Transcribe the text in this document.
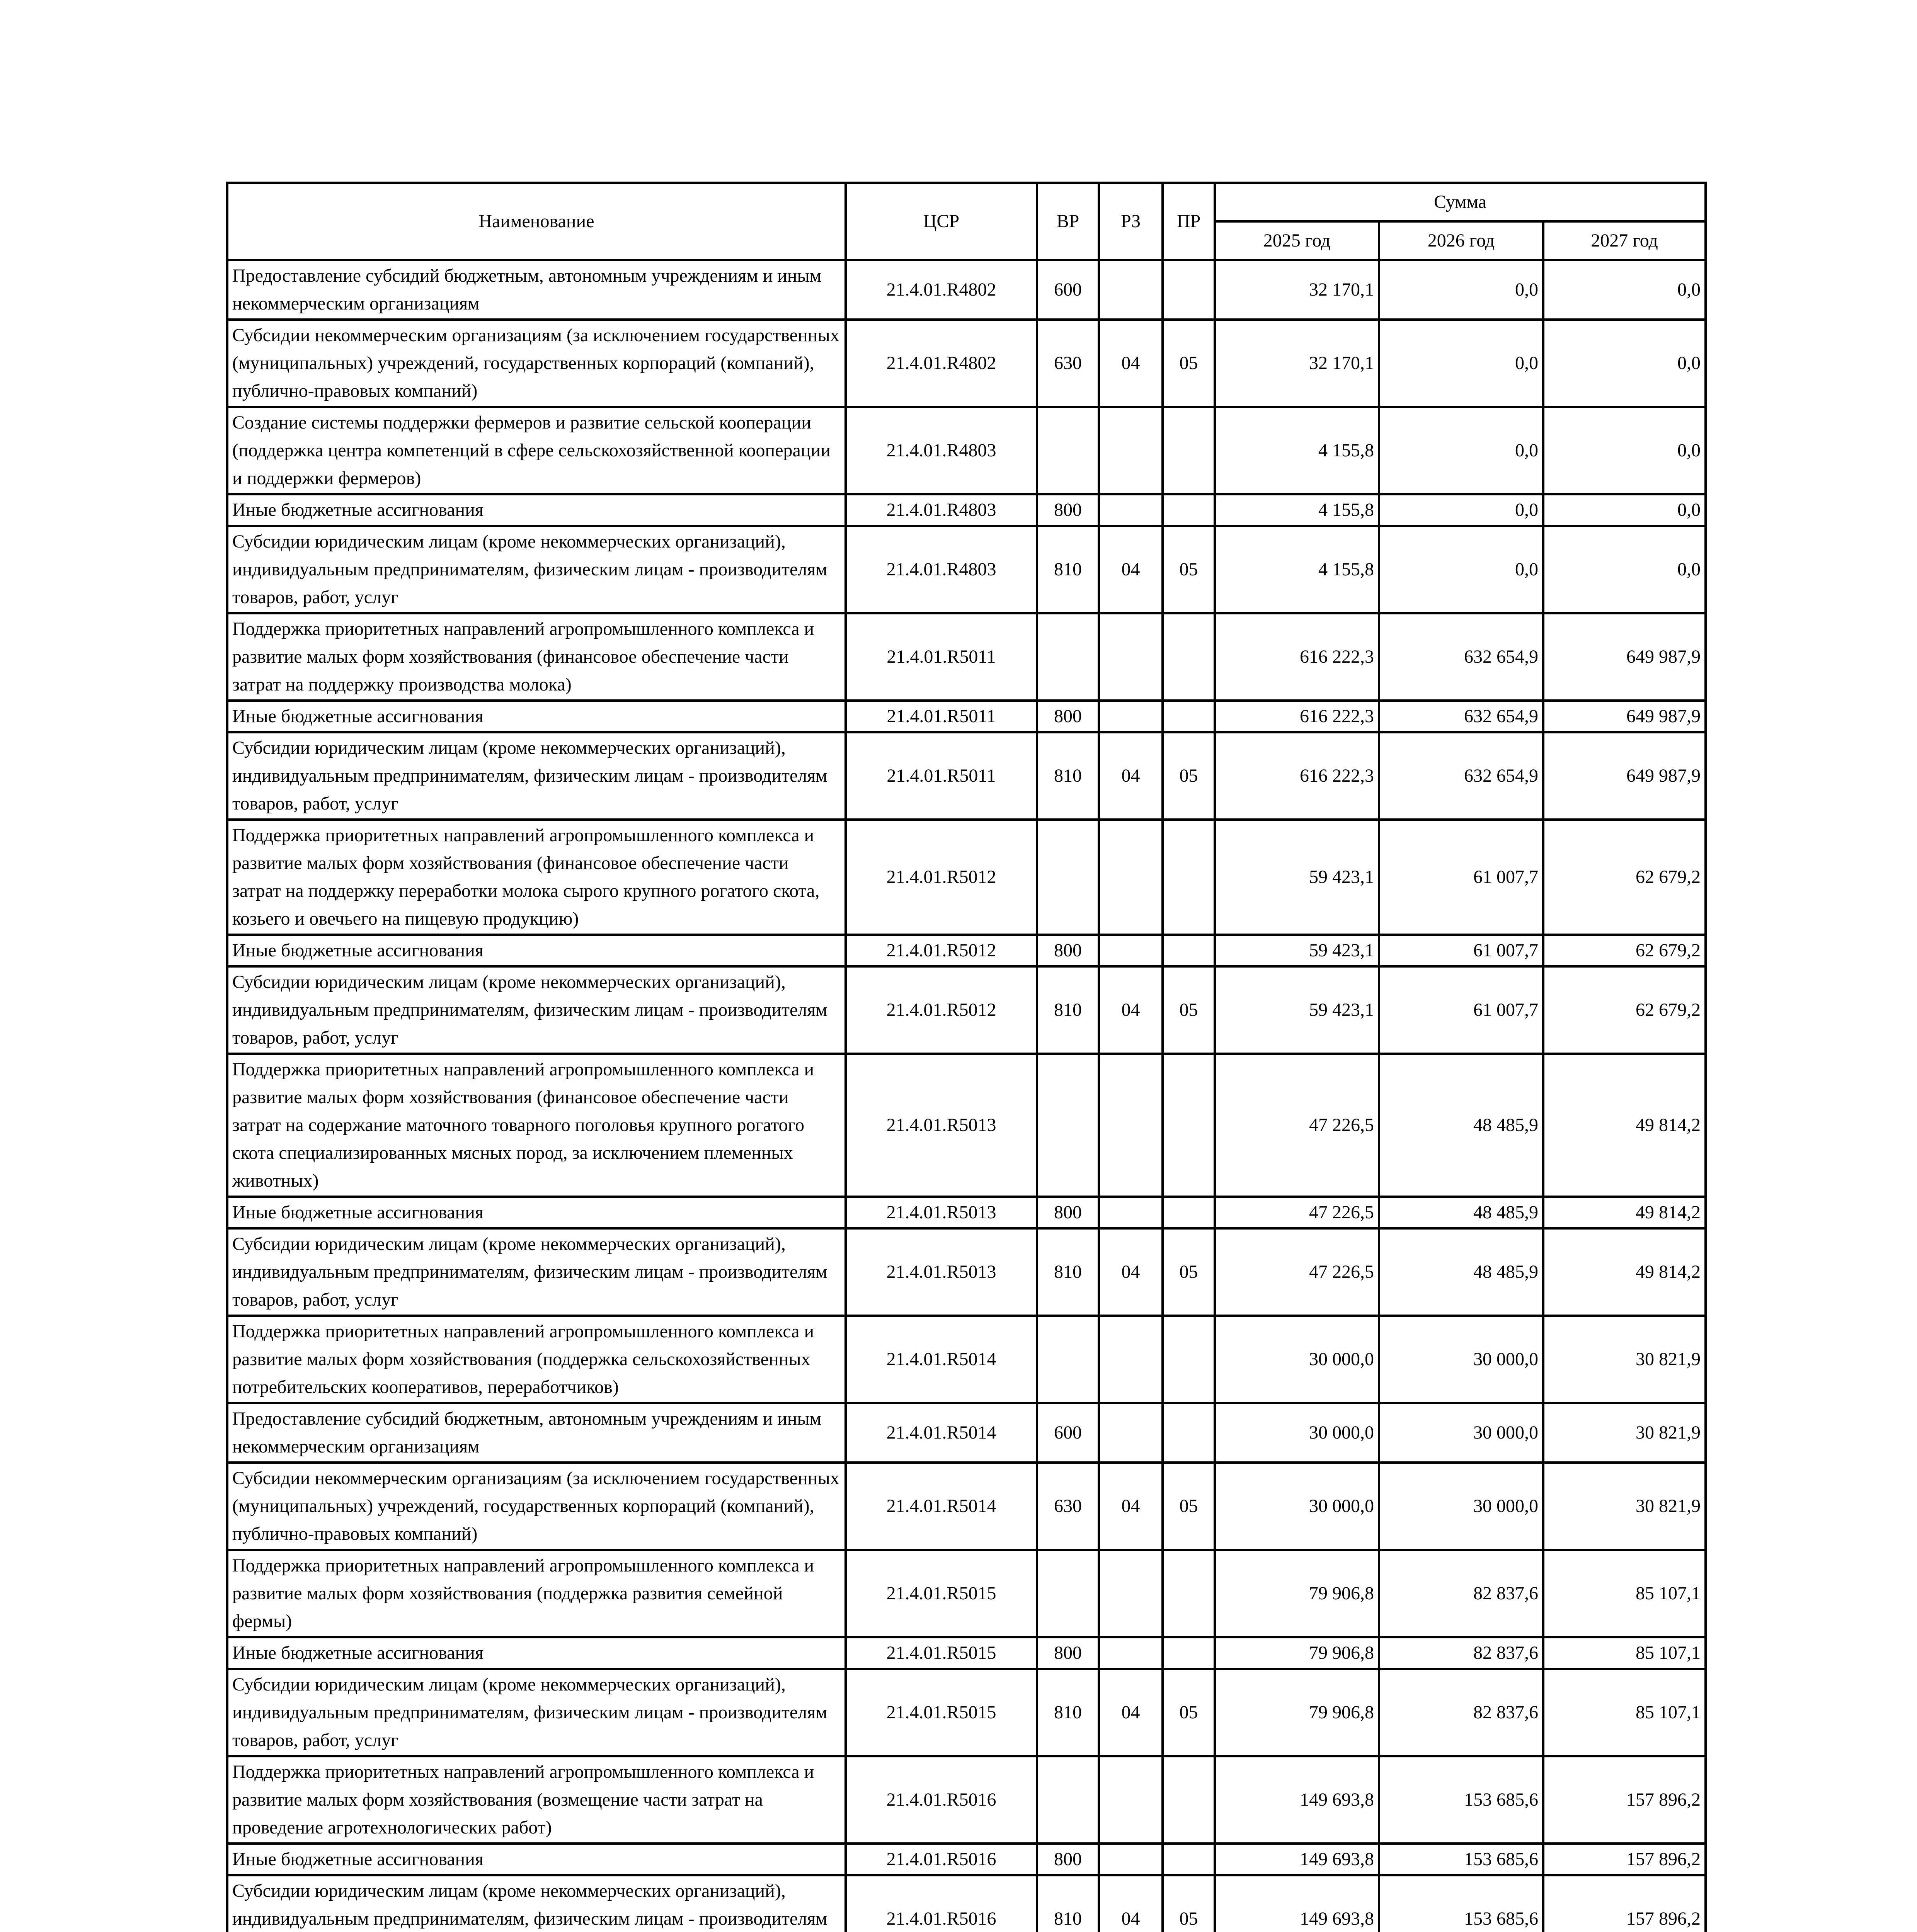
Наименование	ЦСР	ВР	РЗ	ПР	Сумма		
					2025 год	2026 год	2027 год
Предоставление субсидий бюджетным, автономным учреждениям и иным некоммерческим организациям	21.4.01.R4802	600			32 170,1	0,0	0,0
Субсидии некоммерческим организациям (за исключением государственных (муниципальных) учреждений, государственных корпораций (компаний), публично-правовых компаний)	21.4.01.R4802	630	04	05	32 170,1	0,0	0,0
Создание системы поддержки фермеров и развитие сельской кооперации (поддержка центра компетенций в сфере сельскохозяйственной кооперации и поддержки фермеров)	21.4.01.R4803				4 155,8	0,0	0,0
Иные бюджетные ассигнования	21.4.01.R4803	800			4 155,8	0,0	0,0
Субсидии юридическим лицам (кроме некоммерческих организаций), индивидуальным предпринимателям, физическим лицам - производителям товаров, работ, услуг	21.4.01.R4803	810	04	05	4 155,8	0,0	0,0
Поддержка приоритетных направлений агропромышленного комплекса и развитие малых форм хозяйствования (финансовое обеспечение части затрат на поддержку производства молока)	21.4.01.R5011				616 222,3	632 654,9	649 987,9
Иные бюджетные ассигнования	21.4.01.R5011	800			616 222,3	632 654,9	649 987,9
Субсидии юридическим лицам (кроме некоммерческих организаций), индивидуальным предпринимателям, физическим лицам - производителям товаров, работ, услуг	21.4.01.R5011	810	04	05	616 222,3	632 654,9	649 987,9
Поддержка приоритетных направлений агропромышленного комплекса и развитие малых форм хозяйствования (финансовое обеспечение части затрат на поддержку переработки молока сырого крупного рогатого скота, козьего и овечьего на пищевую продукцию)	21.4.01.R5012				59 423,1	61 007,7	62 679,2
Иные бюджетные ассигнования	21.4.01.R5012	800			59 423,1	61 007,7	62 679,2
Субсидии юридическим лицам (кроме некоммерческих организаций), индивидуальным предпринимателям, физическим лицам - производителям товаров, работ, услуг	21.4.01.R5012	810	04	05	59 423,1	61 007,7	62 679,2
Поддержка приоритетных направлений агропромышленного комплекса и развитие малых форм хозяйствования (финансовое обеспечение части затрат на содержание маточного товарного поголовья крупного рогатого скота специализированных мясных пород, за исключением племенных животных)	21.4.01.R5013				47 226,5	48 485,9	49 814,2
Иные бюджетные ассигнования	21.4.01.R5013	800			47 226,5	48 485,9	49 814,2
Субсидии юридическим лицам (кроме некоммерческих организаций), индивидуальным предпринимателям, физическим лицам - производителям товаров, работ, услуг	21.4.01.R5013	810	04	05	47 226,5	48 485,9	49 814,2
Поддержка приоритетных направлений агропромышленного комплекса и развитие малых форм хозяйствования (поддержка сельскохозяйственных потребительских кооперативов, переработчиков)	21.4.01.R5014				30 000,0	30 000,0	30 821,9
Предоставление субсидий бюджетным, автономным учреждениям и иным некоммерческим организациям	21.4.01.R5014	600			30 000,0	30 000,0	30 821,9
Субсидии некоммерческим организациям (за исключением государственных (муниципальных) учреждений, государственных корпораций (компаний), публично-правовых компаний)	21.4.01.R5014	630	04	05	30 000,0	30 000,0	30 821,9
Поддержка приоритетных направлений агропромышленного комплекса и развитие малых форм хозяйствования (поддержка развития семейной фермы)	21.4.01.R5015				79 906,8	82 837,6	85 107,1
Иные бюджетные ассигнования	21.4.01.R5015	800			79 906,8	82 837,6	85 107,1
Субсидии юридическим лицам (кроме некоммерческих организаций), индивидуальным предпринимателям, физическим лицам - производителям товаров, работ, услуг	21.4.01.R5015	810	04	05	79 906,8	82 837,6	85 107,1
Поддержка приоритетных направлений агропромышленного комплекса и развитие малых форм хозяйствования (возмещение части затрат на проведение агротехнологических работ)	21.4.01.R5016				149 693,8	153 685,6	157 896,2
Иные бюджетные ассигнования	21.4.01.R5016	800			149 693,8	153 685,6	157 896,2
Субсидии юридическим лицам (кроме некоммерческих организаций), индивидуальным предпринимателям, физическим лицам - производителям	21.4.01.R5016	810	04	05	149 693,8	153 685,6	157 896,2
